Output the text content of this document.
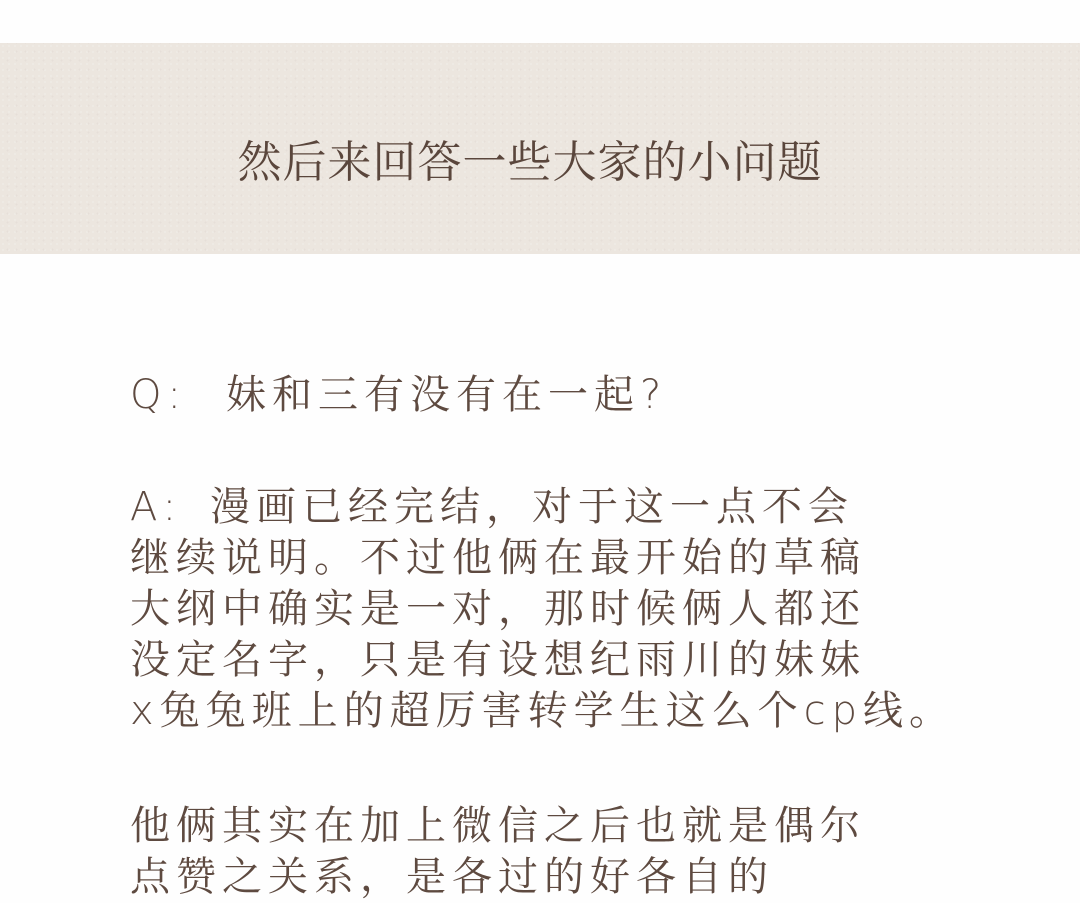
然后来回答一些大家的小问题
Q: 妹和三有没有在一起?
A: 漫画已经完结，对于这一点不会
继续说明。不过他俩在最开始的草稿
大纲中确实是一对，那时候俩人都还
没定名字，只是有设想纪雨川的妹妹
x兔兔班上的超厉害转学生这么个cp线。
他俩其实在加上微信之后也就是偶尔
点赞之关系，是各过的好各自的
